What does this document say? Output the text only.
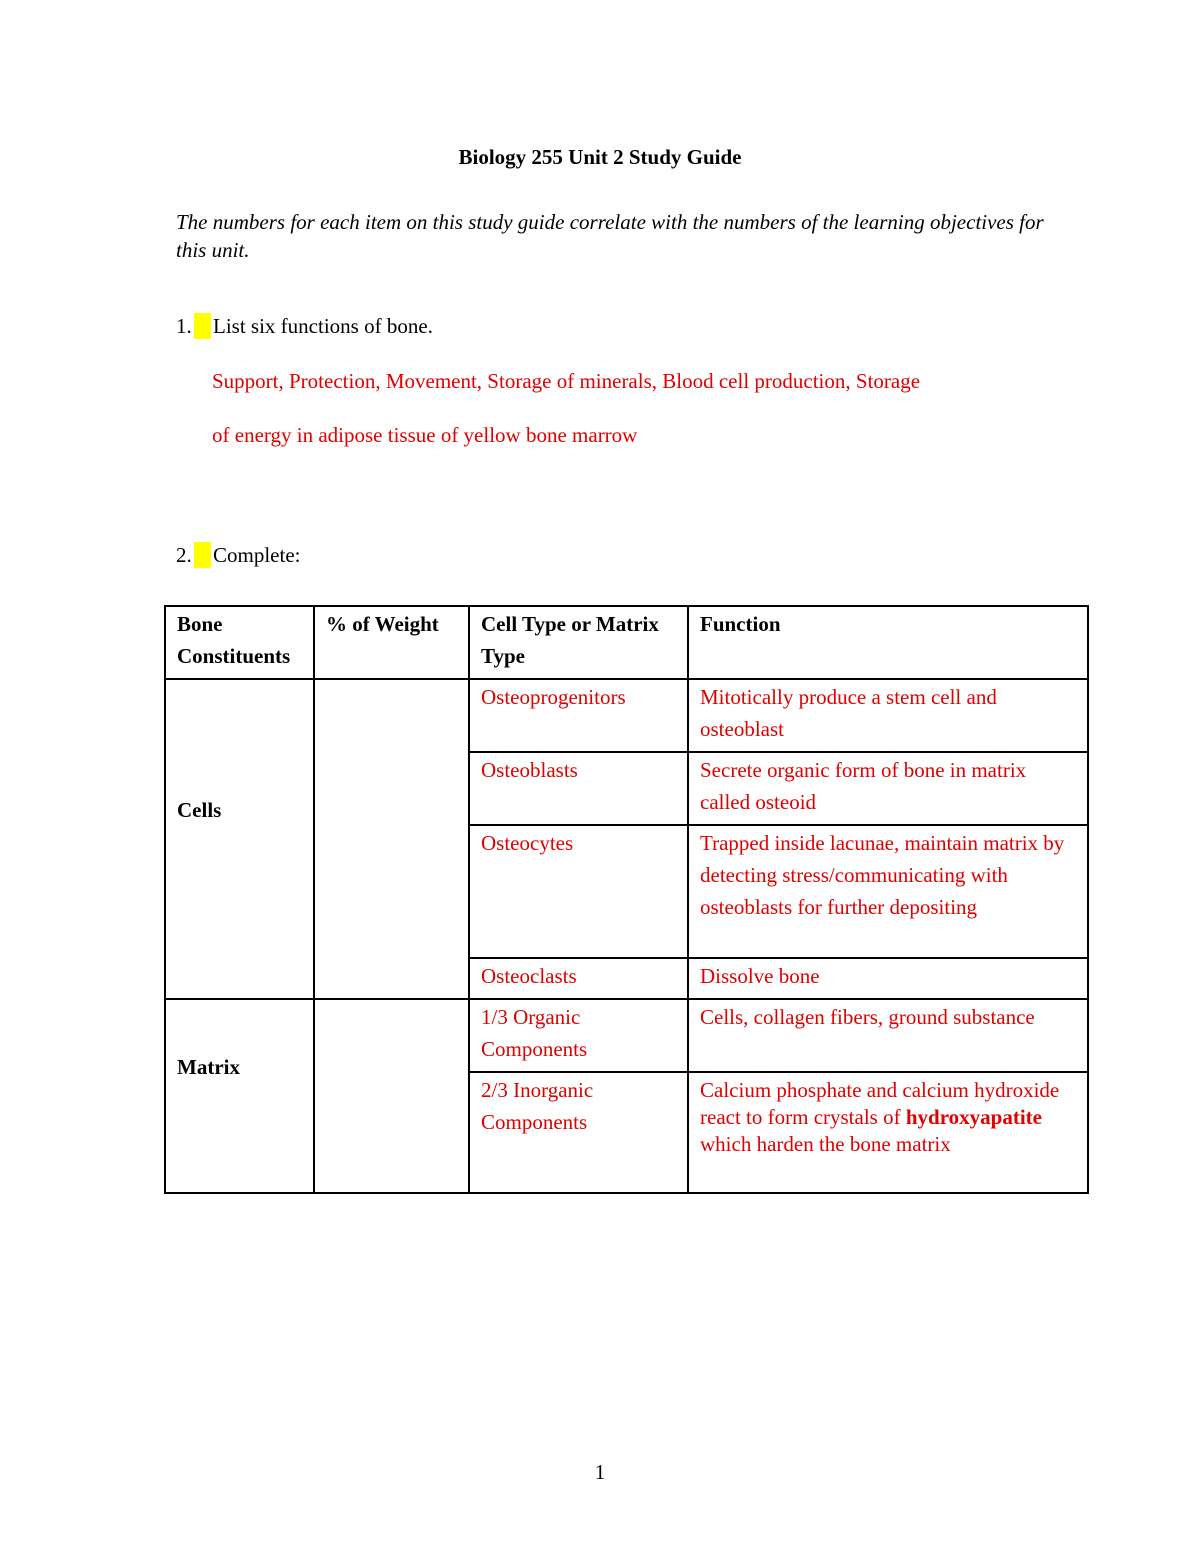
Biology 255 Unit 2 Study Guide
The numbers for each item on this study guide correlate with the numbers of the learning objectives for this unit.
1. List six functions of bone.
Support, Protection, Movement, Storage of minerals, Blood cell production, Storage
of energy in adipose tissue of yellow bone marrow
2. Complete:
Bone Constituents	% of Weight	Cell Type or Matrix Type	Function
Cells		Osteoprogenitors	Mitotically produce a stem cell and osteoblast
		Osteoblasts	Secrete organic form of bone in matrix called osteoid
		Osteocytes	Trapped inside lacunae, maintain matrix by detecting stress/communicating with osteoblasts for further depositing
		Osteoclasts	Dissolve bone
Matrix		1/3 Organic Components	Cells, collagen fibers, ground substance
		2/3 Inorganic Components	Calcium phosphate and calcium hydroxide react to form crystals of hydroxyapatite which harden the bone matrix
1
